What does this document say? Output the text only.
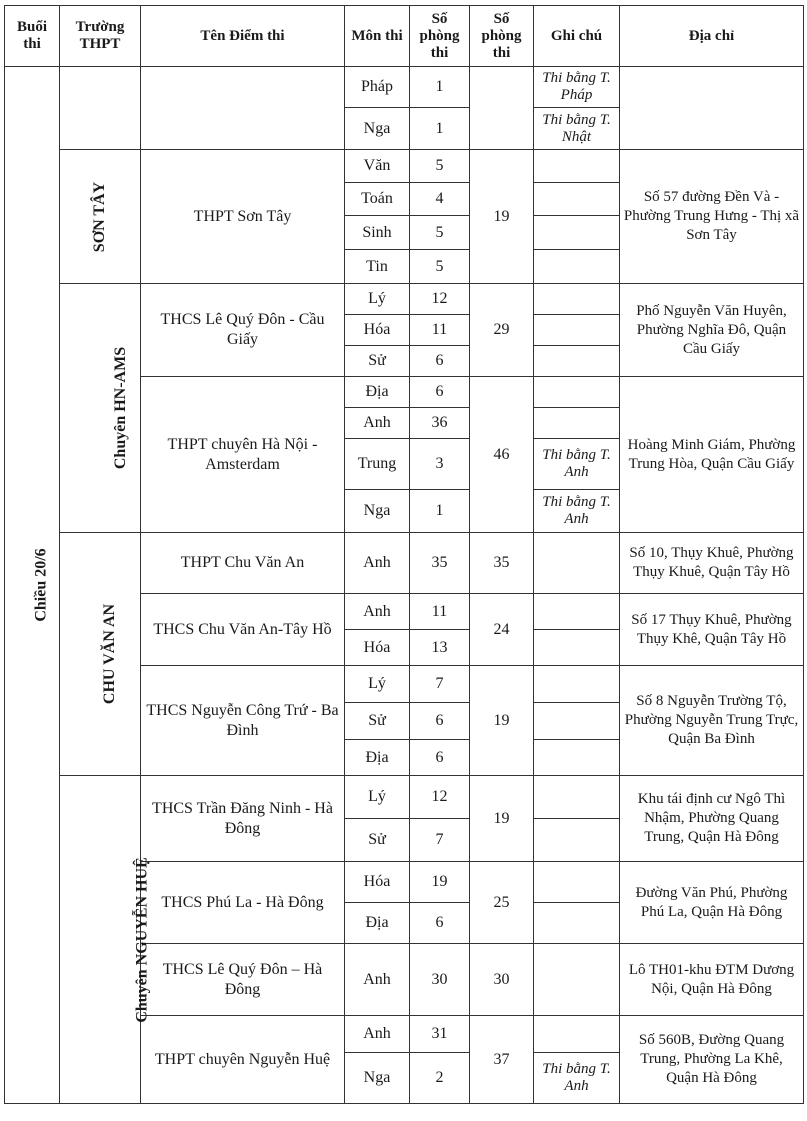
Buổi thi	Trường THPT	Tên Điểm thi	Môn thi	Số phòng thi	Số phòng thi	Ghi chú	Địa chỉ
Chiều 20/6			Pháp	1		Thi bằng T. Pháp	
			Nga	1		Thi bằng T. Nhật	
	SƠN TÂY	THPT Sơn Tây	Văn	5	19		Số 57 đường Đền Và - Phường Trung Hưng - Thị xã Sơn Tây
			Toán	4			
			Sinh	5			
			Tin	5			
	Chuyên HN-AMS	THCS Lê Quý Đôn - Cầu Giấy	Lý	12	29		Phố Nguyễn Văn Huyên, Phường Nghĩa Đô, Quận Cầu Giấy
			Hóa	11			
			Sử	6			
		THPT chuyên Hà Nội - Amsterdam	Địa	6	46		Hoàng Minh Giám, Phường Trung Hòa, Quận Cầu Giấy
			Anh	36			
			Trung	3		Thi bằng T. Anh	
			Nga	1		Thi bằng T. Anh	
	CHU VĂN AN	THPT Chu Văn An	Anh	35	35		Số 10, Thụy Khuê, Phường Thụy Khuê, Quận Tây Hồ
		THCS Chu Văn An-Tây Hồ	Anh	11	24		Số 17 Thụy Khuê, Phường Thụy Khê, Quận Tây Hồ
			Hóa	13			
		THCS Nguyễn Công Trứ - Ba Đình	Lý	7	19		Số 8 Nguyễn Trường Tộ, Phường Nguyễn Trung Trực, Quận Ba Đình
			Sử	6			
			Địa	6			
	Chuyên NGUYỄN HUỆ	THCS Trần Đăng Ninh - Hà Đông	Lý	12	19		Khu tái định cư Ngô Thì Nhậm, Phường Quang Trung, Quận Hà Đông
			Sử	7			
		THCS Phú La - Hà Đông	Hóa	19	25		Đường Văn Phú, Phường Phú La, Quận Hà Đông
			Địa	6			
		THCS Lê Quý Đôn – Hà Đông	Anh	30	30		Lô TH01-khu ĐTM Dương Nội, Quận Hà Đông
		THPT chuyên Nguyễn Huệ	Anh	31	37		Số 560B, Đường Quang Trung, Phường La Khê, Quận Hà Đông
			Nga	2		Thi bằng T. Anh	
